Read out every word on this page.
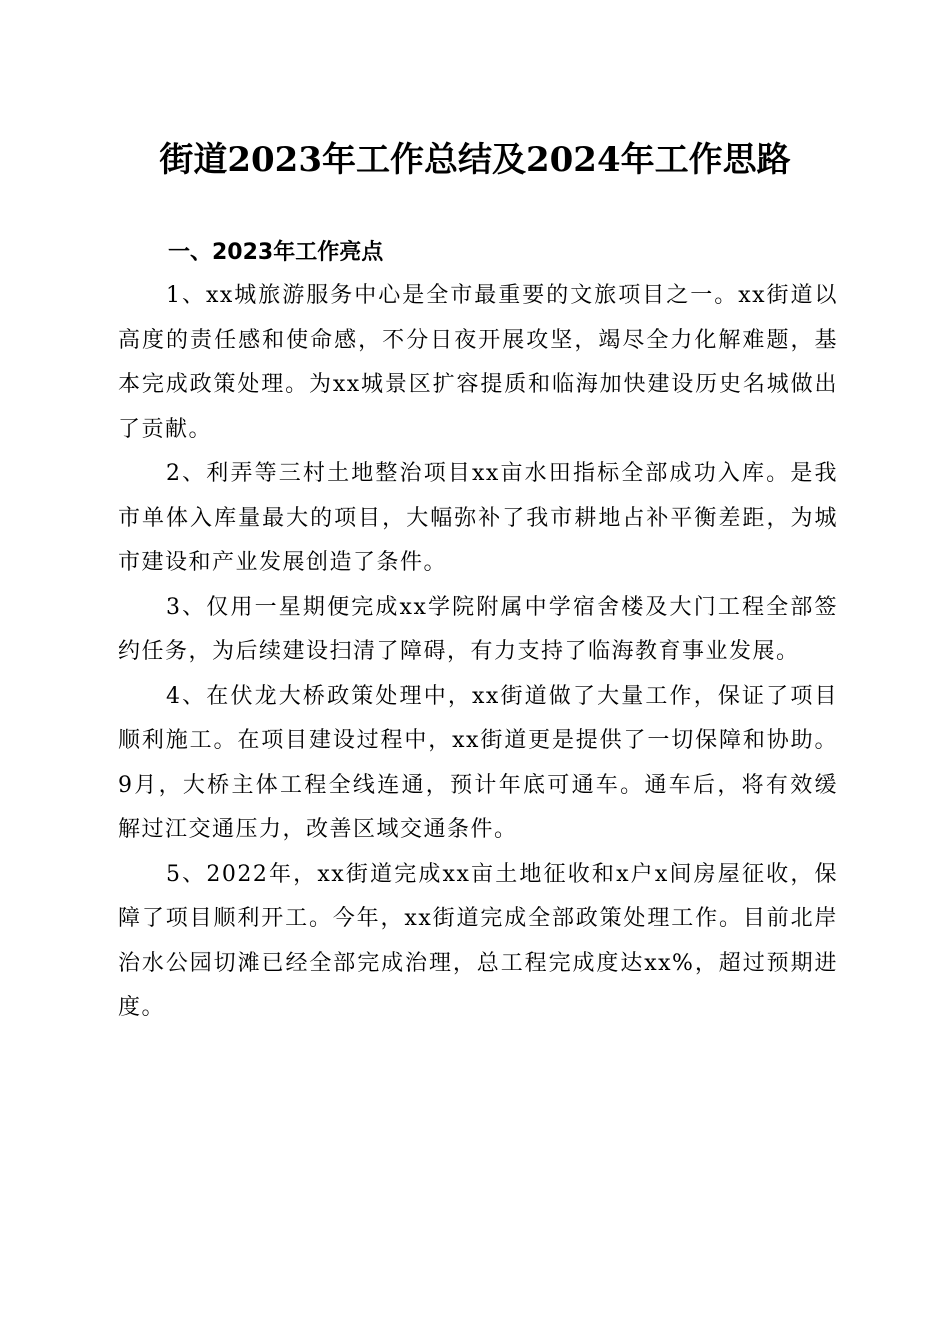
街道2023年工作总结及2024年工作思路

一、2023年工作亮点

1、xx城旅游服务中心是全市最重要的文旅项目之一。xx街道以高度的责任感和使命感，不分日夜开展攻坚，竭尽全力化解难题，基本完成政策处理。为xx城景区扩容提质和临海加快建设历史名城做出了贡献。

2、利弄等三村土地整治项目xx亩水田指标全部成功入库。是我市单体入库量最大的项目，大幅弥补了我市耕地占补平衡差距，为城市建设和产业发展创造了条件。

3、仅用一星期便完成xx学院附属中学宿舍楼及大门工程全部签约任务，为后续建设扫清了障碍，有力支持了临海教育事业发展。

4、在伏龙大桥政策处理中，xx街道做了大量工作，保证了项目顺利施工。在项目建设过程中，xx街道更是提供了一切保障和协助。9月，大桥主体工程全线连通，预计年底可通车。通车后，将有效缓解过江交通压力，改善区域交通条件。

5、2022年，xx街道完成xx亩土地征收和x户x间房屋征收，保障了项目顺利开工。今年，xx街道完成全部政策处理工作。目前北岸治水公园切滩已经全部完成治理，总工程完成度达xx%，超过预期进度。
